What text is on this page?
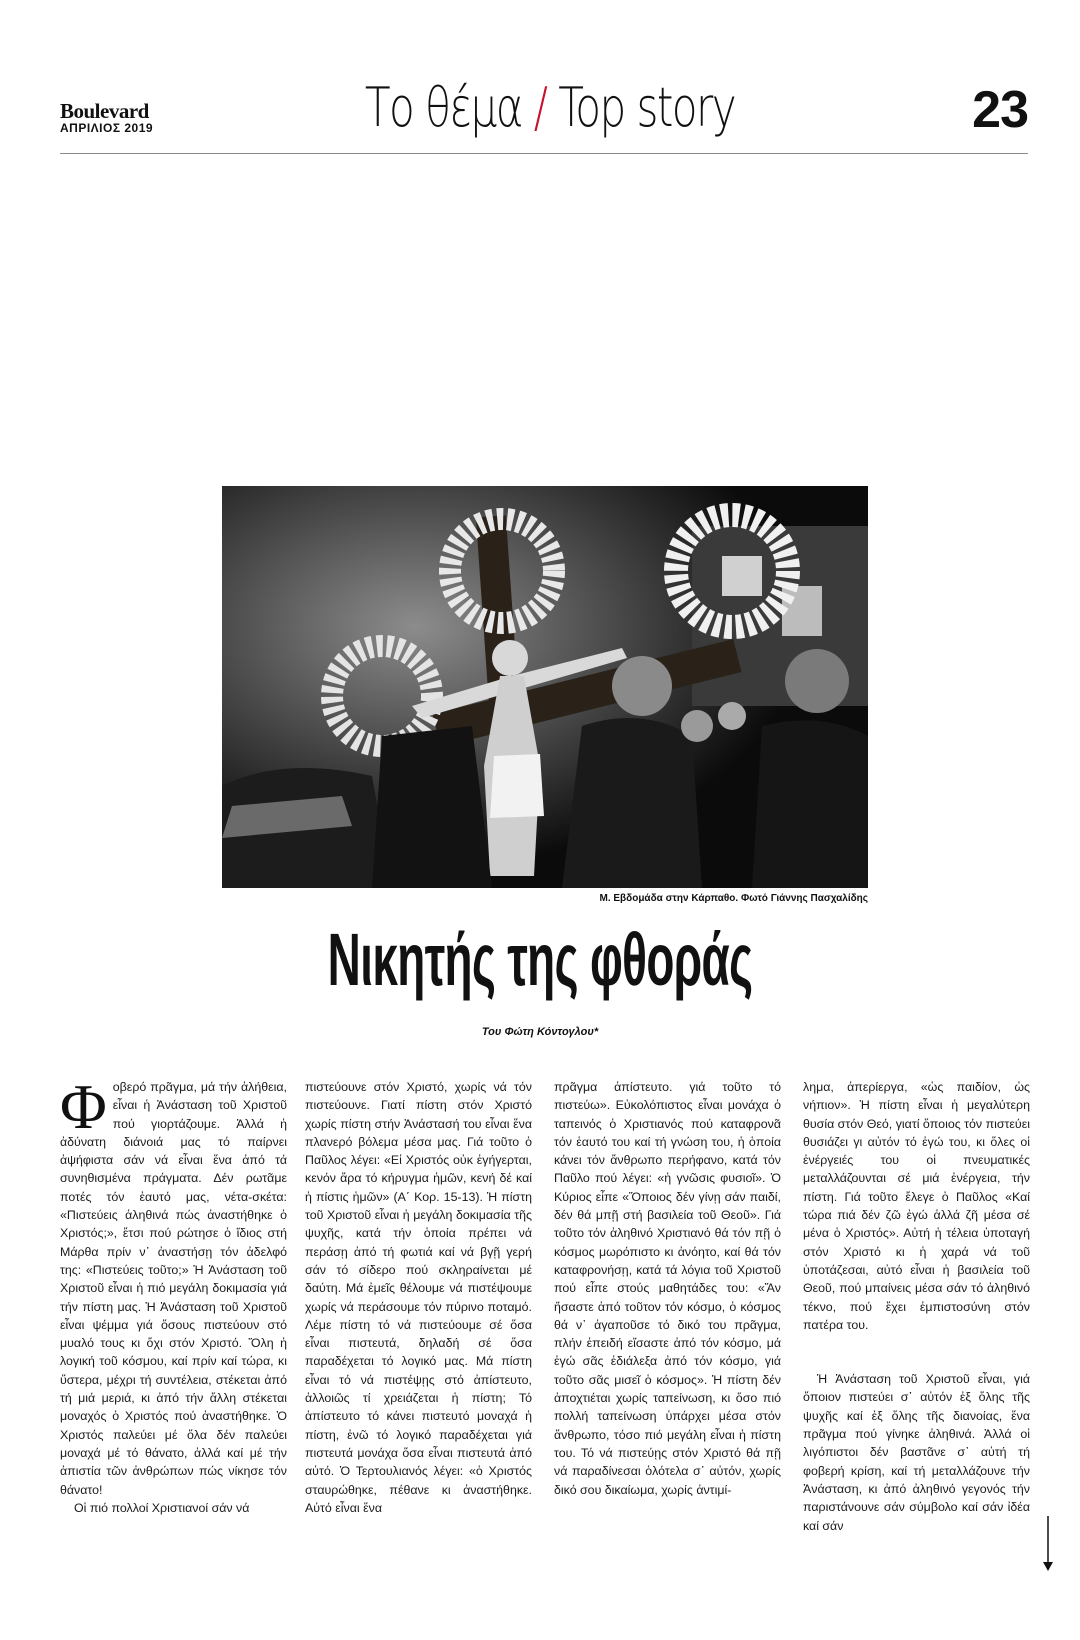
Boulevard
ΑΠΡΙΛΙΟΣ 2019	Το θέμα / Top story	23
Μ. Εβδομάδα στην Κάρπαθο. Φωτό Γιάννης Πασχαλίδης
Νικητής της φθοράς
Του Φώτη Κόντογλου*
Φ οβερό πρᾶγμα, μά τήν ἀλήθεια, εἶναι ἡ Ἀνάσταση τοῦ Χριστοῦ πού γιορτάζουμε. Ἀλλά ἡ ἀδύνατη διάνοιά μας τό παίρνει ἀψήφιστα σάν νά εἶναι ἕνα ἀπό τά συνηθισμένα πράγματα. Δέν ρωτᾶμε ποτές τόν ἑαυτό μας, νέτα-σκέτα: «Πιστεύεις ἀληθινά πώς ἀναστήθηκε ὁ Χριστός;», ἔτσι πού ρώτησε ὁ ἴδιος στή Μάρθα πρίν ν᾿ ἀναστήσῃ τόν ἀδελφό της: «Πιστεύεις τοῦτο;» Ἡ Ἀνάσταση τοῦ Χριστοῦ εἶναι ἡ πιό μεγάλη δοκιμασία γιά τήν πίστη μας. Ἡ Ἀνάσταση τοῦ Χριστοῦ εἶναι ψέμμα γιά ὅσους πιστεύουν στό μυαλό τους κι ὄχι στόν Χριστό. Ὅλη ἡ λογική τοῦ κόσμου, καί πρίν καί τώρα, κι ὕστερα, μέχρι τή συντέλεια, στέκεται ἀπό τή μιά μεριά, κι ἀπό τήν ἄλλη στέκεται μοναχός ὁ Χριστός πού ἀναστήθηκε. Ὁ Χριστός παλεύει μέ ὅλα δέν παλεύει μοναχά μέ τό θάνατο, ἀλλά καί μέ τήν ἀπιστία τῶν ἀνθρώπων πώς νίκησε τόν θάνατο!

Οἱ πιό πολλοί Χριστιανοί σάν νά

πιστεύουνε στόν Χριστό, χωρίς νά τόν πιστεύουνε. Γιατί πίστη στόν Χριστό χωρίς πίστη στήν Ἀνάστασή του εἶναι ἕνα πλανερό βόλεμα μέσα μας. Γιά τοῦτο ὁ Παῦλος λέγει: «Εἰ Χριστός οὐκ ἐγήγερται, κενόν ἄρα τό κήρυγμα ἡμῶν, κενή δέ καί ἡ πίστις ἡμῶν» (Α΄ Κορ. 15-13). Ἡ πίστη τοῦ Χριστοῦ εἶναι ἡ μεγάλη δοκιμασία τῆς ψυχῆς, κατά τήν ὁποία πρέπει νά περάσῃ ἀπό τή φωτιά καί νά βγῇ γερή σάν τό σίδερο πού σκληραίνεται μέ δαύτη. Μά ἐμεῖς θέλουμε νά πιστέψουμε χωρίς νά περάσουμε τόν πύρινο ποταμό. Λέμε πίστη τό νά πιστεύουμε σέ ὅσα εἶναι πιστευτά, δηλαδή σέ ὅσα παραδέχεται τό λογικό μας. Μά πίστη εἶναι τό νά πιστέψῃς στό ἀπίστευτο, ἀλλοιῶς τί χρειάζεται ἡ πίστη; Τό ἀπίστευτο τό κάνει πιστευτό μοναχά ἡ πίστη, ἐνῶ τό λογικό παραδέχεται γιά πιστευτά μονάχα ὅσα εἶναι πιστευτά ἀπό αὐτό. Ὁ Τερτουλιανός λέγει: «ὁ Χριστός σταυρώθηκε, πέθανε κι ἀναστήθηκε. Αὐτό εἶναι ἕνα

πρᾶγμα ἀπίστευτο. γιά τοῦτο τό πιστεύω». Εὐκολόπιστος εἶναι μονάχα ὁ ταπεινός ὁ Χριστιανός πού καταφρονᾶ τόν ἑαυτό του καί τή γνώση του, ἡ ὁποία κάνει τόν ἄνθρωπο περήφανο, κατά τόν Παῦλο πού λέγει: «ἡ γνῶσις φυσιοῖ». Ὁ Κύριος εἶπε «Ὅποιος δέν γίνῃ σάν παιδί, δέν θά μπῇ στή βασιλεία τοῦ Θεοῦ». Γιά τοῦτο τόν ἀληθινό Χριστιανό θά τόν πῇ ὁ κόσμος μωρόπιστο κι ἀνόητο, καί θά τόν καταφρονήσῃ, κατά τά λόγια τοῦ Χριστοῦ πού εἶπε στούς μαθητάδες του: «Ἄν ἤσαστε ἀπό τοῦτον τόν κόσμο, ὁ κόσμος θά ν᾿ ἀγαποῦσε τό δικό του πρᾶγμα, πλήν ἐπειδή εἴσαστε ἀπό τόν κόσμο, μά ἐγώ σᾶς ἐδιάλεξα ἀπό τόν κόσμο, γιά τοῦτο σᾶς μισεῖ ὁ κόσμος». Ἡ πίστη δέν ἀποχτιέται χωρίς ταπείνωση, κι ὅσο πιό πολλή ταπείνωση ὑπάρχει μέσα στόν ἄνθρωπο, τόσο πιό μεγάλη εἶναι ἡ πίστη του. Τό νά πιστεύῃς στόν Χριστό θά πῇ νά παραδίνεσαι ὁλότελα σ᾿ αὐτόν, χωρίς δικό σου δικαίωμα, χωρίς ἀντιμί-

λημα, ἀπερίεργα, «ὡς παιδίον, ὡς νήπιον». Ἡ πίστη εἶναι ἡ μεγαλύτερη θυσία στόν Θεό, γιατί ὅποιος τόν πιστεύει θυσιάζει γι αὐτόν τό ἐγώ του, κι ὅλες οἱ ἐνέργειές του οἱ πνευματικές μεταλλάζουνται σέ μιά ἐνέργεια, τήν πίστη. Γιά τοῦτο ἔλεγε ὁ Παῦλος «Καί τώρα πιά δέν ζῶ ἐγώ ἀλλά ζῆ μέσα σέ μένα ὁ Χριστός». Αὐτή ἡ τέλεια ὑποταγή στόν Χριστό κι ἡ χαρά νά τοῦ ὑποτάζεσαι, αὐτό εἶναι ἡ βασιλεία τοῦ Θεοῦ, πού μπαίνεις μέσα σάν τό ἀληθινό τέκνο, πού ἔχει ἐμπιστοσύνη στόν πατέρα του.

Ἡ Ἀνάσταση τοῦ Χριστοῦ εἶναι, γιά ὅποιον πιστεύει σ᾿ αὐτόν ἐξ ὅλης τῆς ψυχῆς καί ἐξ ὅλης τῆς διανοίας, ἕνα πρᾶγμα πού γίνηκε ἀληθινά. Ἀλλά οἱ λιγόπιστοι δέν βαστᾶνε σ᾿ αὐτή τή φοβερή κρίση, καί τή μεταλλάζουνε τήν Ἀνάσταση, κι ἀπό ἀληθινό γεγονός τήν παριστάνουνε σάν σύμβολο καί σάν ἰδέα καί σάν
